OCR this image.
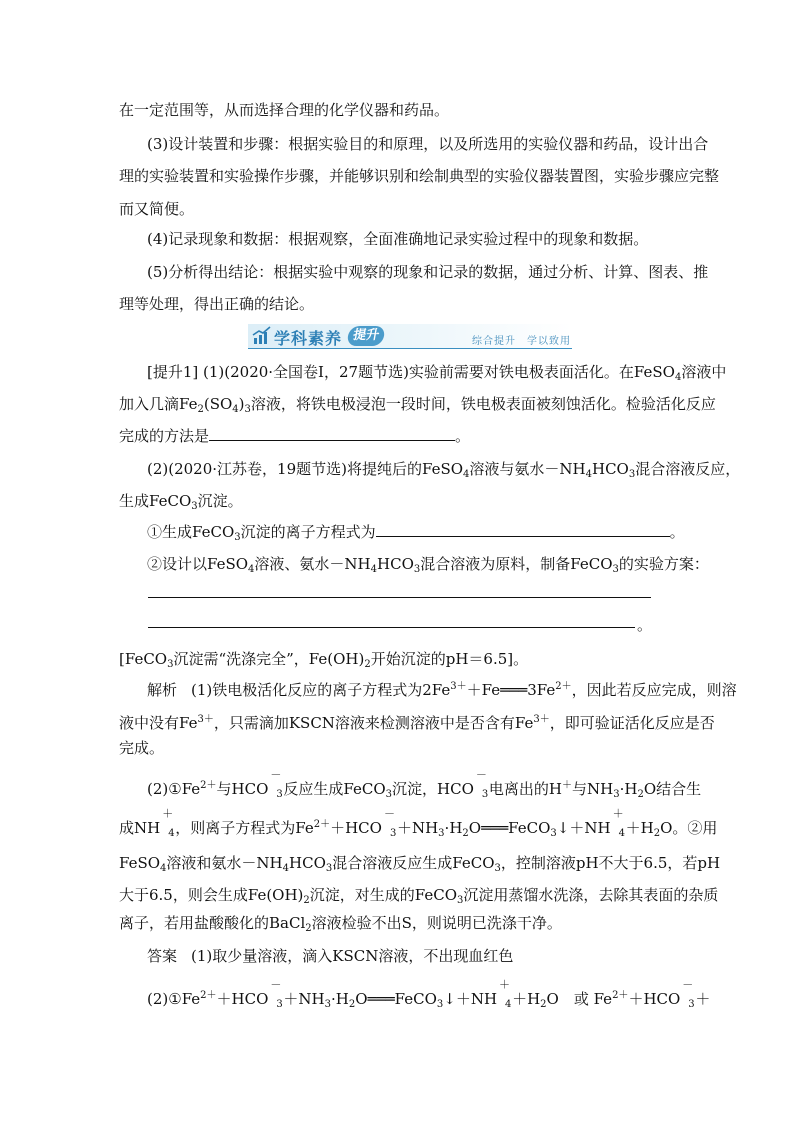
在一定范围等，从而选择合理的化学仪器和药品。
(3)设计装置和步骤：根据实验目的和原理，以及所选用的实验仪器和药品，设计出合
理的实验装置和实验操作步骤，并能够识别和绘制典型的实验仪器装置图，实验步骤应完整
而又简便。
(4)记录现象和数据：根据观察，全面准确地记录实验过程中的现象和数据。
(5)分析得出结论：根据实验中观察的现象和记录的数据，通过分析、计算、图表、推
理等处理，得出正确的结论。
学科素养 提升	综合提升　学以致用
[提升1] (1)(2020·全国卷Ⅰ，27题节选)实验前需要对铁电极表面活化。在FeSO$_4$溶液中
加入几滴$Fe_2(SO_4)_3$溶液，将铁电极浸泡一段时间，铁电极表面被刻蚀活化。检验活化反应
完成的方法是	。
(2)(2020·江苏卷，19题节选)将提纯后的FeSO$_4$溶液与氨水$-NH_4HCO_3$混合溶液反应，
生成FeCO$_3$沉淀。
①生成FeCO$_3$沉淀的离子方程式为	。
②设计以FeSO$_4$溶液、氨水$-NH_4HCO_3$混合溶液为原料，制备FeCO$_3$的实验方案：
。
[FeCO$_3$沉淀需“洗涤完全”，$Fe(OH)_2$开始沉淀的pH＝6.5]。
解析 (1)铁电极活化反应的离子方程式为$2Fe^{3+}+Fe═══3Fe^{2+}$，因此若反应完成，则溶
液中没有$Fe^{3+}$，只需滴加KSCN溶液来检测溶液中是否含有$Fe^{3+}$，即可验证活化反应是否
完成。
$(2)①Fe^{2+}$与HCO
－
3 反应生成FeCO$_3$沉淀，HCO
－
3 电离出的H＋与$NH_3\cdot H_2O$结合生
成NH
＋
4 ，则离子方程式为$Fe^{2+}+HCO$
－
$3 +NH_3\cdot H_2O═══FeCO_3↓+NH$
＋
$4 +H_2O$。②用
FeSO$_4$溶液和氨水$-NH_4HCO_3$混合溶液反应生成FeCO$_3$，控制溶液pH不大于6.5，若pH
大于6.5，则会生成$Fe(OH)_2$沉淀，对生成的FeCO$_3$沉淀用蒸馏水洗涤，去除其表面的杂质
离子，若用盐酸酸化的BaCl$_2$溶液检验不出S，则说明已洗涤干净。
答案 (1)取少量溶液，滴入KSCN溶液，不出现血红色
$(2)①Fe^{2+}+HCO$
－
$3 +NH_3\cdot H_2O═══FeCO_3↓+NH$
＋
$4 +H_2O$　或 $Fe^{2+}+HCO$
－
3 ＋
